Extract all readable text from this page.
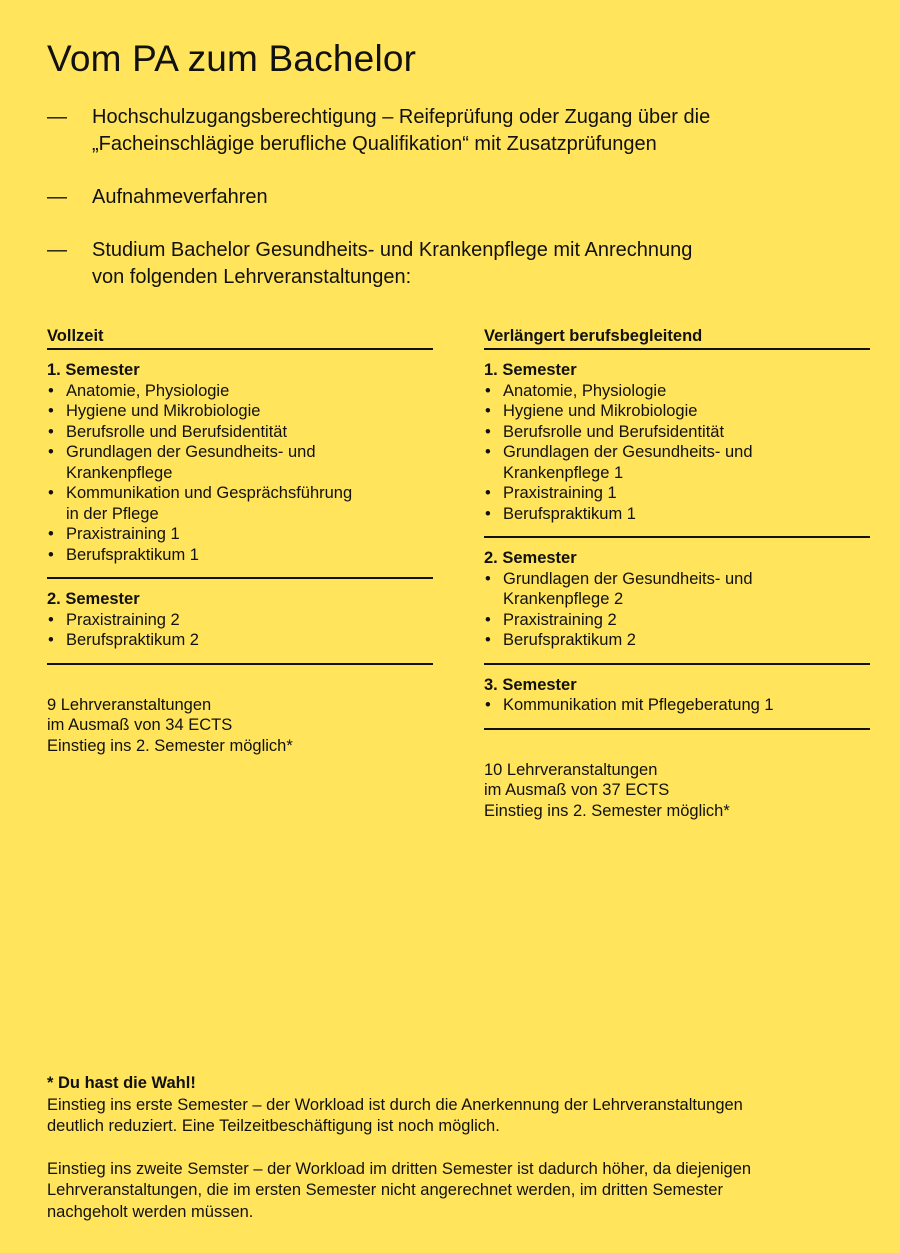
Vom PA zum Bachelor
—	Hochschulzugangsberechtigung – Reifeprüfung oder Zugang über die
„Facheinschlägige berufliche Qualifikation“ mit Zusatzprüfungen
—	Aufnahmeverfahren
—	Studium Bachelor Gesundheits- und Krankenpflege mit Anrechnung
von folgenden Lehrveranstaltungen:
Vollzeit
1. Semester
• Anatomie, Physiologie
• Hygiene und Mikrobiologie
• Berufsrolle und Berufsidentität
• Grundlagen der Gesundheits- und
Krankenpflege
• Kommunikation und Gesprächsführung
in der Pflege
• Praxistraining 1
• Berufspraktikum 1
2. Semester
• Praxistraining 2
• Berufspraktikum 2
9 Lehrveranstaltungen
im Ausmaß von 34 ECTS
Einstieg ins 2. Semester möglich*
Verlängert berufsbegleitend
1. Semester
• Anatomie, Physiologie
• Hygiene und Mikrobiologie
• Berufsrolle und Berufsidentität
• Grundlagen der Gesundheits- und
Krankenpflege 1
• Praxistraining 1
• Berufspraktikum 1
2. Semester
• Grundlagen der Gesundheits- und
Krankenpflege 2
• Praxistraining 2
• Berufspraktikum 2
3. Semester
• Kommunikation mit Pflegeberatung 1
10 Lehrveranstaltungen
im Ausmaß von 37 ECTS
Einstieg ins 2. Semester möglich*
* Du hast die Wahl!

Einstieg ins erste Semester – der Workload ist durch die Anerkennung der Lehrveranstaltungen
deutlich reduziert. Eine Teilzeitbeschäftigung ist noch möglich.

Einstieg ins zweite Semster – der Workload im dritten Semester ist dadurch höher, da diejenigen
Lehrveranstaltungen, die im ersten Semester nicht angerechnet werden, im dritten Semester
nachgeholt werden müssen.
